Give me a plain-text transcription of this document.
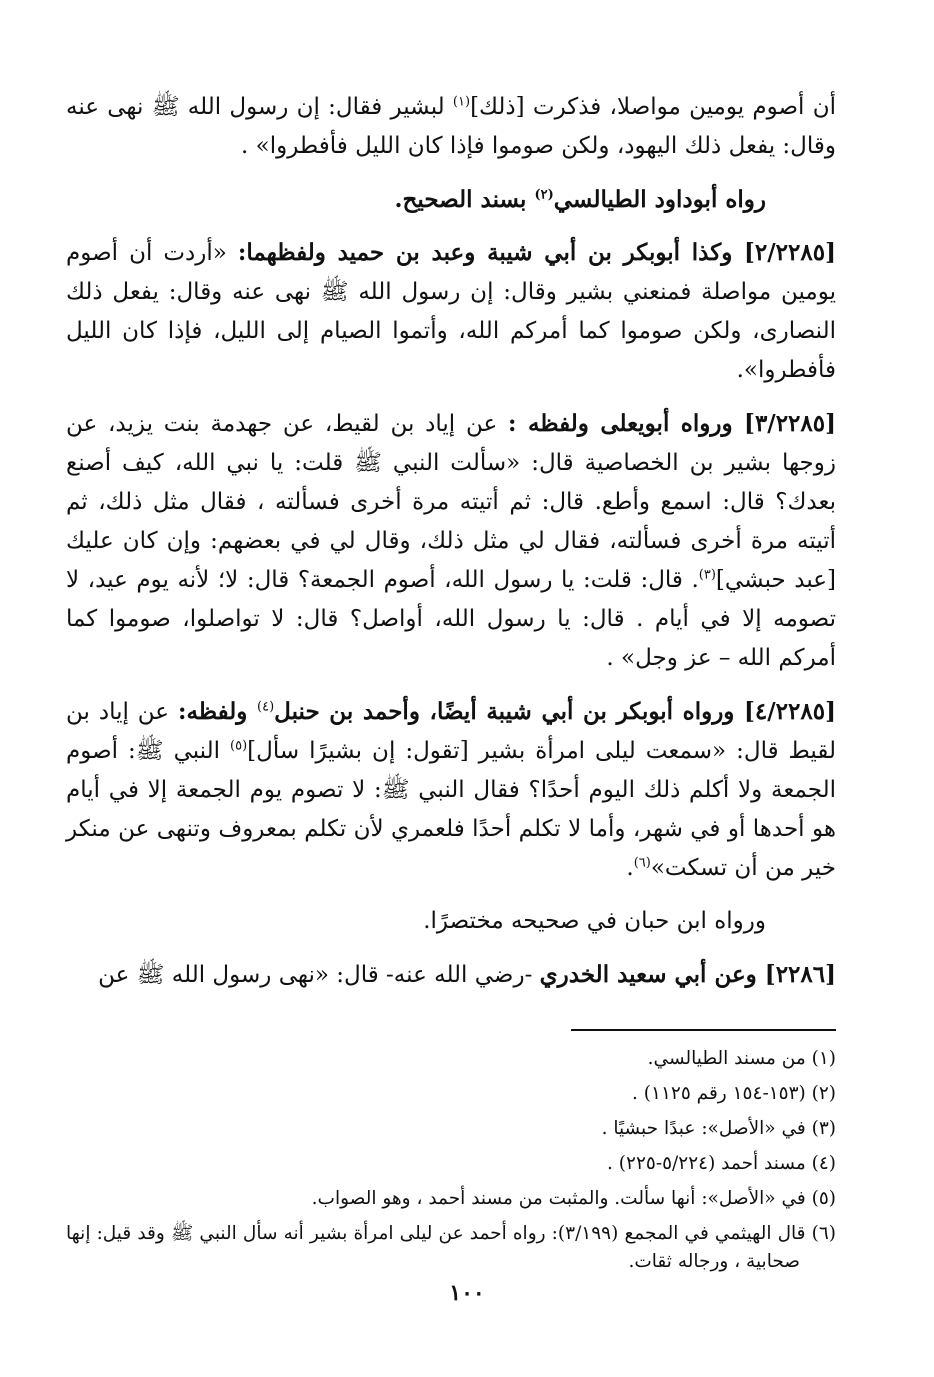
أن أصوم يومين مواصلا، فذكرت [ذلك]$^{(١)}$ لبشير فقال: إن رسول الله ﷺ نهى عنه وقال: يفعل ذلك اليهود، ولكن صوموا فإذا كان الليل فأفطروا» .

رواه أبوداود الطيالسي$^{(٢)}$ بسند الصحيح.

[٢/٢٢٨٥] وكذا أبوبكر بن أبي شيبة وعبد بن حميد ولفظهما: «أردت أن أصوم يومين مواصلة فمنعني بشير وقال: إن رسول الله ﷺ نهى عنه وقال: يفعل ذلك النصارى، ولكن صوموا كما أمركم الله، وأتموا الصيام إلى الليل، فإذا كان الليل فأفطروا».

[٣/٢٢٨٥] ورواه أبويعلى ولفظه : عن إياد بن لقيط، عن جهدمة بنت يزيد، عن زوجها بشير بن الخصاصية قال: «سألت النبي ﷺ قلت: يا نبي الله، كيف أصنع بعدك؟ قال: اسمع وأطع. قال: ثم أتيته مرة أخرى فسألته ، فقال مثل ذلك، ثم أتيته مرة أخرى فسألته، فقال لي مثل ذلك، وقال لي في بعضهم: وإن كان عليك [عبد حبشي]$^{(٣)}$. قال: قلت: يا رسول الله، أصوم الجمعة؟ قال: لا؛ لأنه يوم عيد، لا تصومه إلا في أيام . قال: يا رسول الله، أواصل؟ قال: لا تواصلوا، صوموا كما أمركم الله – عز وجل» .

[٤/٢٢٨٥] ورواه أبوبكر بن أبي شيبة أيضًا، وأحمد بن حنبل$^{(٤)}$ ولفظه: عن إياد بن لقيط قال: «سمعت ليلى امرأة بشير [تقول: إن بشيرًا سأل]$^{(٥)}$ النبي ﷺ: أصوم الجمعة ولا أكلم ذلك اليوم أحدًا؟ فقال النبي ﷺ: لا تصوم يوم الجمعة إلا في أيام هو أحدها أو في شهر، وأما لا تكلم أحدًا فلعمري لأن تكلم بمعروف وتنهى عن منكر خير من أن تسكت»$^{(٦)}$.

ورواه ابن حبان في صحيحه مختصرًا.

[٢٢٨٦] وعن أبي سعيد الخدري -رضي الله عنه- قال: «نهى رسول الله ﷺ عن

(١) من مسند الطيالسي.

(٢) (١٥٣-١٥٤ رقم ١١٢٥) .

(٣) في «الأصل»: عبدًا حبشيًا .

(٤) مسند أحمد (٥/٢٢٤-٢٢٥) .

(٥) في «الأصل»: أنها سألت. والمثبت من مسند أحمد ، وهو الصواب.

(٦) قال الهيثمي في المجمع (٣/١٩٩): رواه أحمد عن ليلى امرأة بشير أنه سأل النبي ﷺ وقد قيل: إنها صحابية ، ورجاله ثقات.

١٠٠
